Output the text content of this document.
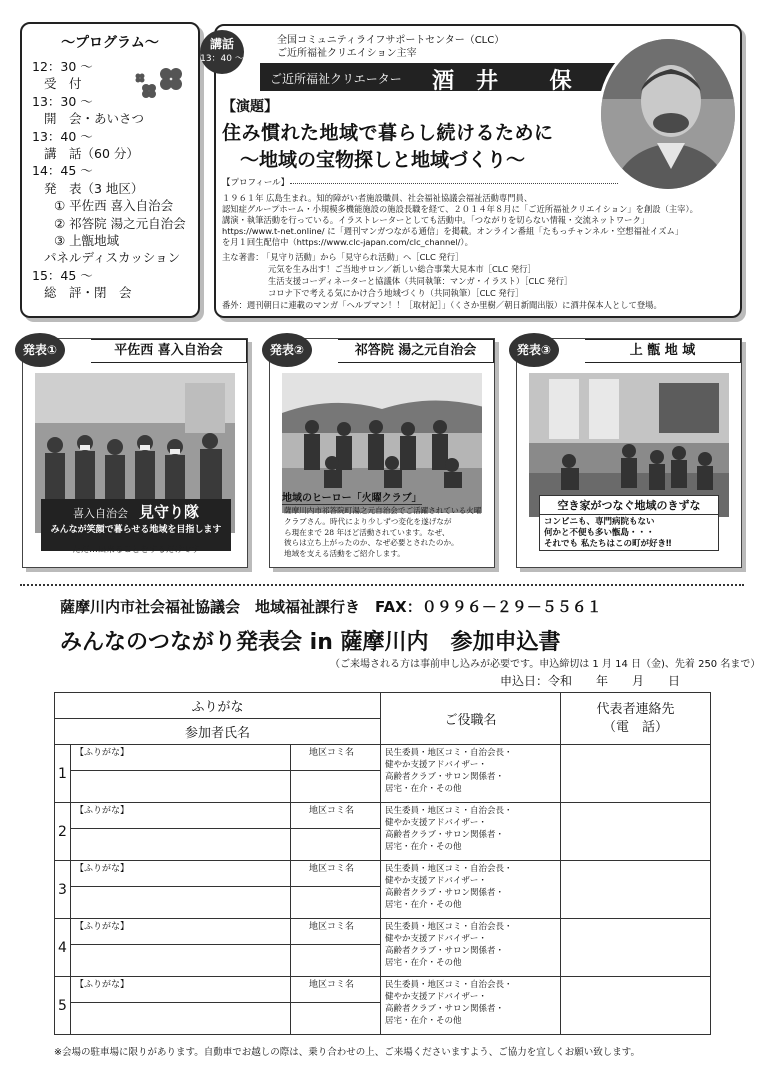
～プログラム～
12：30 ～
受　付
13：30 ～
開　会・あいさつ
13：40 ～
講　話（60 分）
14：45 ～
発　表（3 地区）
① 平佐西 喜入自治会
② 祁答院 湯之元自治会
③ 上甑地域
パネルディスカッション
15：45 ～
総　評・閉　会
講話
13：40 ～
全国コミュニティライフサポートセンター（CLC）
ご近所福祉クリエイション主宰
ご近所福祉クリエーター 酒井 保
【演題】
住み慣れた地域で暮らし続けるために
～地域の宝物探しと地域づくり～
【プロフィール】
１９６１年 広島生まれ。知的障がい者施設職員、社会福祉協議会福祉活動専門員、
認知症グループホーム・小規模多機能施設の施設長職を経て、２０１４年８月に「ご近所福祉クリエイション」を創設（主宰）。
講演・執筆活動を行っている。イラストレーターとしても活動中。「つながりを切らない情報・交流ネットワーク」
https://www.t-net.online/ に「週刊マンガつながる通信」を掲載。オンライン番組「たもっチャンネル・空想福祉イズム」
を月１回生配信中（https://www.clc-japan.com/clc_channel/）。
主な著書：
「見守り活動」から「見守られ活動」へ［CLC 発行］
元気を生み出す！ご当地サロン／新しい総合事業大見本市［CLC 発行］
生活支援コーディネーターと協議体（共同執筆：マンガ・イラスト）［CLC 発行］
コロナ下で考える気にかけ合う地域づくり（共同執筆）［CLC 発行］
番外：週刊朝日に連載のマンガ「ヘルプマン！！［取材記］」（くさか里樹／朝日新聞出版）に酒井保本人として登場。
発表①	平佐西 喜入自治会
喜入自治会　 見守り隊
みんなが笑顔で暮らせる地域を目指します
ただ…出来ることをするだけです
発表②	祁答院 湯之元自治会
地域のヒーロー「火曜クラブ」
薩摩川内市祁答院町湯之元自治会でご活躍されている火曜
クラブさん。時代により少しずつ変化を遂げなが
ら現在まで 28 年ほど活動されています。なぜ、
彼らは立ち上がったのか、なぜ必要とされたのか。
地域を支える活動をご紹介します。
発表③	上 甑 地 域
空き家がつなぐ地域のきずな
コンビニも、専門病院もない
何かと不便も多い甑島・・・
それでも 私たちはこの町が好き‼
薩摩川内市社会福祉協議会　地域福祉課行き　FAX：０９９６－２９－５５６１
みんなのつながり発表会 in 薩摩川内　参加申込書
（ご来場される方は事前申し込みが必要です。申込締切は 1 月 14 日（金)、先着 250 名まで）
申込日：令和　　年　　月　　日
ふりがな			ご役職名	代表者連絡先
（電　話）

参加者氏名				
1	【ふりがな】	地区コミ名	民生委員・地区コミ・自治会長・
健やか支援アドバイザー・
高齢者クラブ・サロン関係者・
居宅・在介・その他	

2	【ふりがな】	地区コミ名	民生委員・地区コミ・自治会長・
健やか支援アドバイザー・
高齢者クラブ・サロン関係者・
居宅・在介・その他	

3	【ふりがな】	地区コミ名	民生委員・地区コミ・自治会長・
健やか支援アドバイザー・
高齢者クラブ・サロン関係者・
居宅・在介・その他	

4	【ふりがな】	地区コミ名	民生委員・地区コミ・自治会長・
健やか支援アドバイザー・
高齢者クラブ・サロン関係者・
居宅・在介・その他	

5	【ふりがな】	地区コミ名	民生委員・地区コミ・自治会長・
健やか支援アドバイザー・
高齢者クラブ・サロン関係者・
居宅・在介・その他	

※会場の駐車場に限りがあります。自動車でお越しの際は、乗り合わせの上、ご来場くださいますよう、ご協力を宜しくお願い致します。
